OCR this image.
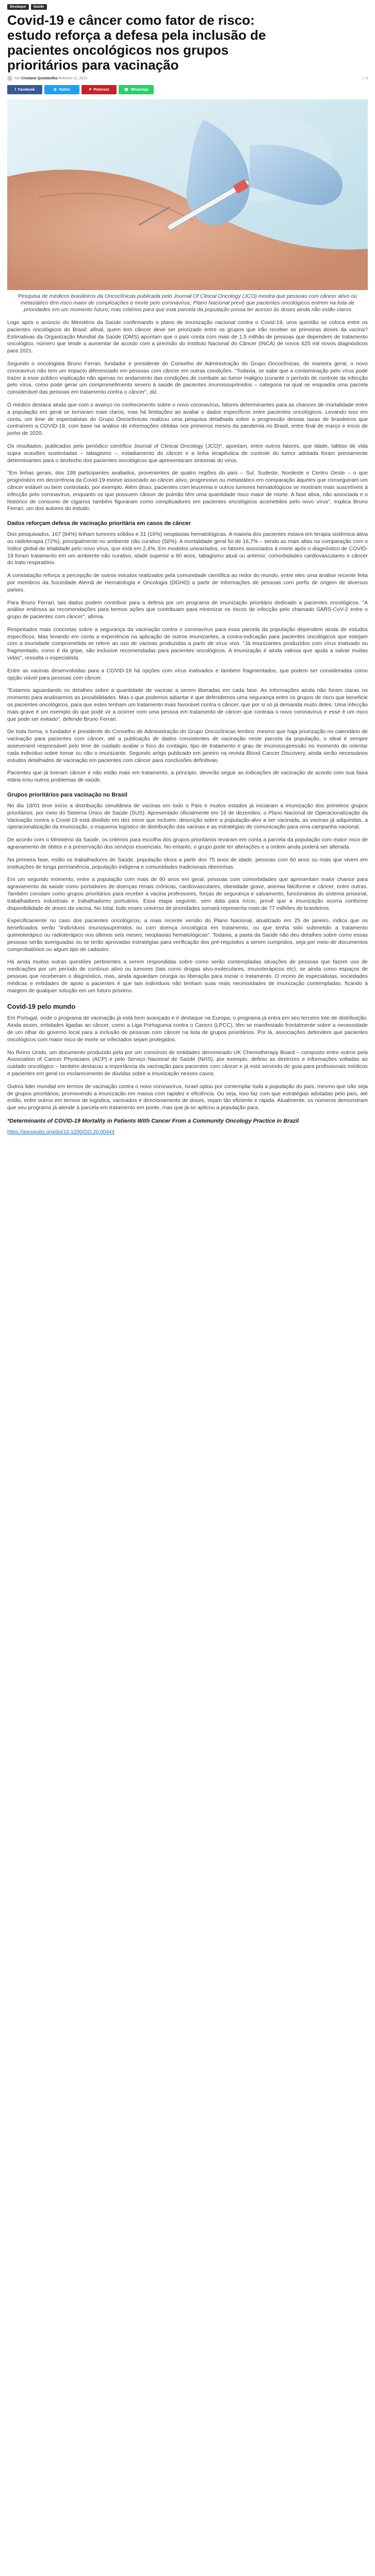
Destaque	Saúde
Covid-19 e câncer como fator de risco: estudo reforça a defesa pela inclusão de pacientes oncológicos nos grupos prioritários para vacinação
Por Cristiane Quintanilha fevereiro 11, 2021	□ 0
f Facebook	✿ Twitter	P Pinterest	☎ WhatsApp

Pesquisa de médicos brasileiros da Oncoclínicas publicada pelo Journal Of Clincal Oncology (JCO) mostra que pessoas com câncer ativo ou metastático têm risco maior de complicações e morte pelo coronavírus; Plano Nacional prevê que pacientes oncológicos entrem na lista de prioridades em um momento futuro; mas critérios para que esta parcela da população possa ter acesso às doses ainda não estão claros

Logo após o anúncio do Ministério da Saúde confirmando o plano de imunização nacional contra o Covid-19, uma questão se coloca entre os pacientes oncológicos do Brasil: afinal, quem tem câncer deve ser priorizado entre os grupos que irão receber as primeiras doses da vacina? Estimativas da Organização Mundial da Saúde (OMS) apontam que o país conta com mais de 1,5 milhão de pessoas que dependem de tratamento oncológico, número que tende a aumentar de acordo com a previsão do Instituto Nacional do Câncer (INCA) de novos 625 mil novos diagnósticos para 2021.

Segundo o oncologista Bruno Ferrari, fundador e presidente do Conselho de Administração do Grupo Oncoclínicas, de maneira geral, o novo coronavírus não tem um impacto diferenciado em pessoas com câncer em outras condições. "Todavia, se sabe que a contaminação pelo vírus pode trazer a esse público implicação não apenas no andamento das condições de combate ao tumor maligno (curante o período de controle da infecção pelo vírus, como pode gerar um comprometimento severo à saúde de pacientes imunossuprimidos – categoria na qual se enquadra uma parcela considerável das pessoas em tratamento contra o câncer", diz.

O médico destaca ainda que com o avanço no conhecimento sobre o novo coronavírus, fatores determinantes para as chances de mortalidade entre a população em geral se tornaram mais claros, mas há limitações ao avaliar o dados específicos entre pacientes oncológicos. Levando isso em conta, um time de especialistas do Grupo Oncoclínicas realizou uma pesquisa detalhada sobre a progressão dessas taxas de brasileiros que contraírem a COVID-19, com base na análise de informações obtidas nos primeiros meses da pandemia no Brasil, entre final de março e início de junho de 2020.

Os resultados, publicados pelo periódico científico Journal of Clinical Oncology (JCO)*, apontam, entre outros fatores, que idade, tabtiso de vida supra ocasiões sustentadas – tabagismo –, estadiamento do câncer e a linha terapêutica de controle do tumor adotada foram previamente determinantes para o desfecho dos pacientes oncológicos que apresentaram sintomas do vírus.

"Em linhas gerais, dos 198 participantes avaliados, provenientes de quatro regiões do país – Sul, Sudeste, Nordeste e Centro Oeste – o que prognóstico em decorrência da Covid-19 esteve associado ao câncer ativo, progressivo ou metastático em comparação àqueles que conseguiram um câncer estável ou bem controlado, por exemplo. Além disso, pacientes com leucemia e outros tumores hematológicos se mostram mais suscetíveis à infecção pelo coronavírus, enquanto os que possuem câncer de pulmão têm uma quantidade risco maior de morte. A fase ativa, não associada e o histórico de consumo de cigarros também figuraram como complicadores em pacientes oncológicos acometidos pelo novo vírus", explica Bruno Ferrari, um dos autores do estudo.

Dados reforçam defesa de vacinação prioritária em casos de câncer

Dos pesquisados, 167 (84%) tinham tumores sólidos e 31 (16%) neoplasias hematológicas. A maioria dos pacientes estava em terapia sistêmica ativa ou radioterapia (72%), principalmente no ambiente não curativo (58%). A mortalidade geral foi de 16,7% – sendo as mais altas na comparação com o índice global de letalidade pelo novo vírus, que está em 2,4%. Em modelos univariados, os fatores associados à morte após o diagnóstico de COVID-19 foram tratamento em um ambiente não curativo, idade superior a 60 anos, tabagismo atual ou anterior, comorbidades cardiovasculares e câncer do trato respiratório.

A constatação reforça a percepção de outros estudos realizados pela comunidade científica ao redor do mundo, entre eles uma análise recente feita por membros da Sociedade Alemã de Hematologia e Oncologia (DGHO) a partir de informações de pessoas com perfis de origem de diversos países.

Para Bruno Ferrari, tais dados podem contribuir para a defesa por um programa de imunização prioritário dedicado a pacientes oncológicos. "A análise endossa as recomendações para termos ações que contribuam para minimizar os riscos de infecção pelo chamado SARS-CoV-2 entre o grupo de pacientes com câncer", afirma.

Respeitados mais concretas sobre a segurança da vacinação contra o coronavírus para essa parcela da população dependem ainda de estudos específicos. Mas levando em conta a experiência na aplicação de outros imunizantes, a contra-indicação para pacientes oncológicos que estejam com a imunidade comprometida se refere ao uso de vacinas produzidas a partir de vírus vivo. "Já imunizantes produzidos com vírus inativado ou fragmentado, como é da gripe, são inclusive recomendadas para pacientes oncológicos. A imunização é ainda valiosa que ajuda a salvar muitas vidas", ressalta o especialista.

Entre as vacinas desenvolvidas para a COVID-19 há opções com vírus inativados e também fragmentados, que podem ser consideradas como opção viável para pessoas com câncer.

"Estamos aguardando os detalhes sobre a quantidade de vacinas a serem liberadas em cada fase. As informações ainda não foram claras no momento para analisarmos as possibilidades. Mas o que podemos adiantar é que defendemos uma segurança entre os grupos de risco que beneficie os pacientes oncológicos, para que estes tenham um tratamento mais favorável contra o câncer, que por si só já demanda muito deles. Uma infecção mais grave é um exemplo do que pode vir a ocorrer com uma pessoa em tratamento de câncer que contraia o novo coronavírus e esse é um risco que pode ser evitado", defende Bruno Ferrari.

De toda forma, o fundador e presidente do Conselho de Administração do Grupo Oncoclínicas lembra: mesmo que haja priorização no calendário de vacinação para pacientes com câncer, até a publicação de dados consistentes de vacinação neste parcela da população, o ideal é sempre asseverarel responsável pelo time de cuidado avaliar o foco do contágio, tipo de tratamento e grau de imunossupressão no momento do orientar cada indivíduo sobre tomar ou não o imunizante. Segundo artigo publicado em janeiro na revista Blood Cancer Discovery, ainda serão necessários estudos detalhados de vacinação em pacientes com câncer para conclusões definitivas.

Pacientes que já tiveram câncer e não estão mais em tratamento, a princípio, deverão seguir as indicações de vacinação de acordo com sua faixa etária e/ou outros problemas de saúde.

Grupos prioritários para vacinação no Brasil

No dia 18/01 teve início a distribuição simultânea de vacinas em todo o País e muitos estados já iniciaram a imunização dos primeiros grupos prioritários, por meio do Sistema Único de Saúde (SUS). Apresentado oficialmente em 16 de dezembro, o Plano Nacional de Operacionalização da Vacinação contra a Covid-19 está dividido em dez eixos que incluem: descrição sobre a população-alvo a ser vacinada, as vacinas já adquiridas, a operacionalização da imunização, o esquema logístico de distribuição das vacinas e as estratégias de comunicação para uma campanha nacional.

De acordo com o Ministério da Saúde, os critérios para escolha dos grupos prioritários levaram em conta a parcela da população com maior risco de agravamento de óbitos e a preservação dos serviços essenciais. No entanto, o grupo pode ter alterações e a ordem ainda poderá ser alterada.

Na primeira fase, estão os trabalhadores de Saúde, população idosa a partir dos 75 anos de idade, pessoas com 60 anos ou mais que vivem em instituições de longa permanência, população indígena e comunidades tradicionais ribeirinhas.

Em um segundo momento, entre a população com mais de 60 anos em geral, pessoas com comorbidades que apresentam maior chance para agravamento da saúde como portadores de doenças renais crônicas, cardiovasculares, obesidade grave, anemia falciforme e câncer, entre outras. Também constam como grupos prioritários para receber a vacina professores, forças de segurança e salvamento, funcionários do sistema prisional, trabalhadores industriais e trabalhadores portuários. Essa etapa seguinte, sem data para início, prevê que a imunização ocorra conforme disponibilidade de doses da vacina. No total, todo esses universo de prioridades somará representa mais de 77 milhões de brasileiros.

Especificamente no caso dos pacientes oncológicos, a mais recente versão do Plano Nacional, atualizado em 25 de janeiro, indica que os beneficiados serão "indivíduos imunossuprimidos ou com doença oncológica em tratamento, ou que tenha sido submetido a tratamento quimioterápico ou radioterápico nos últimos seis meses; neoplasias hematológicas". Todavia, a pasta da Saúde não deu detalhes sobre como essas pessoas serão averiguadas ou se terão aprovadas estratégias para verificação dos pré-requisitos a serem cumpridos, seja por meio de documentos comprobatórios ou algum tipo de cadastro.

Há ainda muitas outras questões pertinentes a serem respondidas sobre como serão contempladas situações de pessoas que fazem uso de medicações por um período de contínuo ativo ou tumores (tais como drogas alvo-moleculares, imunoterápicos etc), se ainda como espaços de pessoas que receberam o diagnóstico, mas, ainda aguardam cirurgia ou liberação para iniciar o tratamento. O receio de especialistas, sociedades médicas e entidades de apoio a pacientes é que tais indivíduos não tenham suas reais necessidades de imunização contempladas, ficando à margem de qualquer solução em um futuro próximo.

Covid-19 pelo mundo

Em Portugal, onde o programa de vacinação já está bem avançado e é destaque na Europa, o programa já entra em seu terceiro lote de distribuição. Ainda assim, entidades ligadas ao câncer, como a Liga Portuguesa contra o Cancro (LPCC), têm se manifestado frontalmente sobre a necessidade de um olhar do governo local para a inclusão de pessoas com câncer na lista de grupos prioritários. Por lá, associações defendem que pacientes oncológicos com maior risco de morte se infectados sejam protegidos.

No Reino Unido, um documento produzido pela por um consórcio de entidades denominado UK Chemotherapy Board – composto entre outros pela Association of Cancer Physicians (ACP) e pelo Serviço Nacional de Saúde (NHS), por exemplo, definiu as diretrizes e informações voltadas ao cuidado oncológico – também destacou a importância da vacinação para pacientes com câncer e já está servindo de guia para profissionais médicos e pacientes em geral no esclarecimento de dúvidas sobre a imunização nesses casos.

Outros lider mundial em termos de vacinação contra o novo coronavírus, Israel optou por contemplar toda a população do país, mesmo que não seja de grupos prioritários, promovendo a imunização em massa com rapidez e eficiência. Ou seja, isso faz com que estratégias adotadas pelo país, até então, entre outros em termos de logística, vacinados e direcionamento de doses, sejam tão eficiente e rápida. Atualmente, os números demonstram que seu programa já atende à parcela em tratamento em ponte, mas que já se aplicou a população para.

*Determinants of COVID-19 Mortality in Patients With Cancer From a Community Oncology Practice in Brazil
https://ascopubs.org/doi/10.1200/GO.20.00444
